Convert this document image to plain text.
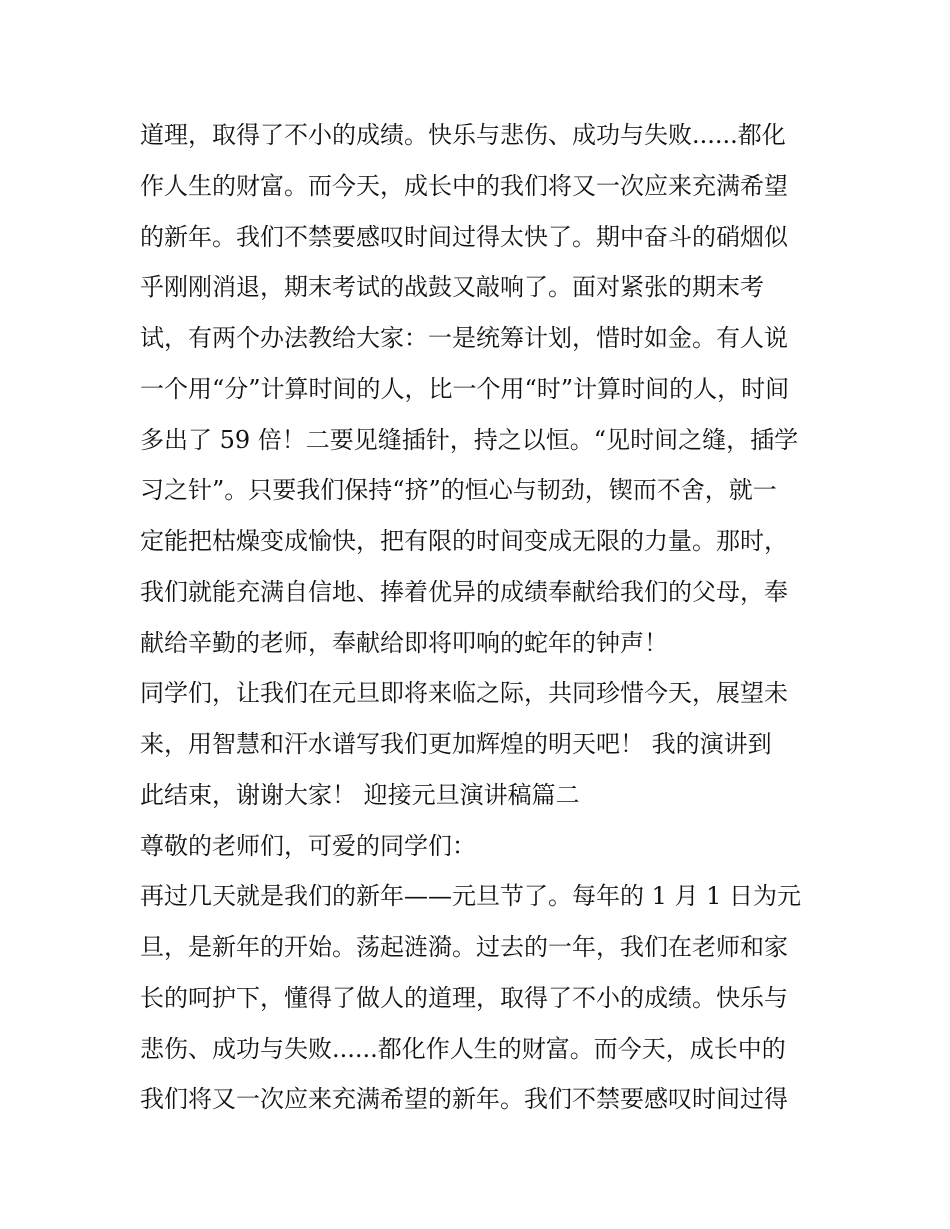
道理，取得了不小的成绩。快乐与悲伤、成功与失败......都化
作人生的财富。而今天，成长中的我们将又一次应来充满希望
的新年。我们不禁要感叹时间过得太快了。期中奋斗的硝烟似
乎刚刚消退，期末考试的战鼓又敲响了。面对紧张的期末考
试，有两个办法教给大家：一是统筹计划，惜时如金。有人说
一个用“分”计算时间的人，比一个用“时”计算时间的人，时间
多出了 59 倍！二要见缝插针，持之以恒。“见时间之缝，插学
习之针”。只要我们保持“挤”的恒心与韧劲，锲而不舍，就一
定能把枯燥变成愉快，把有限的时间变成无限的力量。那时，
我们就能充满自信地、捧着优异的成绩奉献给我们的父母，奉
献给辛勤的老师，奉献给即将叩响的蛇年的钟声！
同学们，让我们在元旦即将来临之际，共同珍惜今天，展望未
来，用智慧和汗水谱写我们更加辉煌的明天吧！ 我的演讲到
此结束，谢谢大家！ 迎接元旦演讲稿篇二
尊敬的老师们，可爱的同学们：
再过几天就是我们的新年——元旦节了。每年的 1 月 1 日为元
旦，是新年的开始。荡起涟漪。过去的一年，我们在老师和家
长的呵护下，懂得了做人的道理，取得了不小的成绩。快乐与
悲伤、成功与失败......都化作人生的财富。而今天，成长中的
我们将又一次应来充满希望的新年。我们不禁要感叹时间过得
